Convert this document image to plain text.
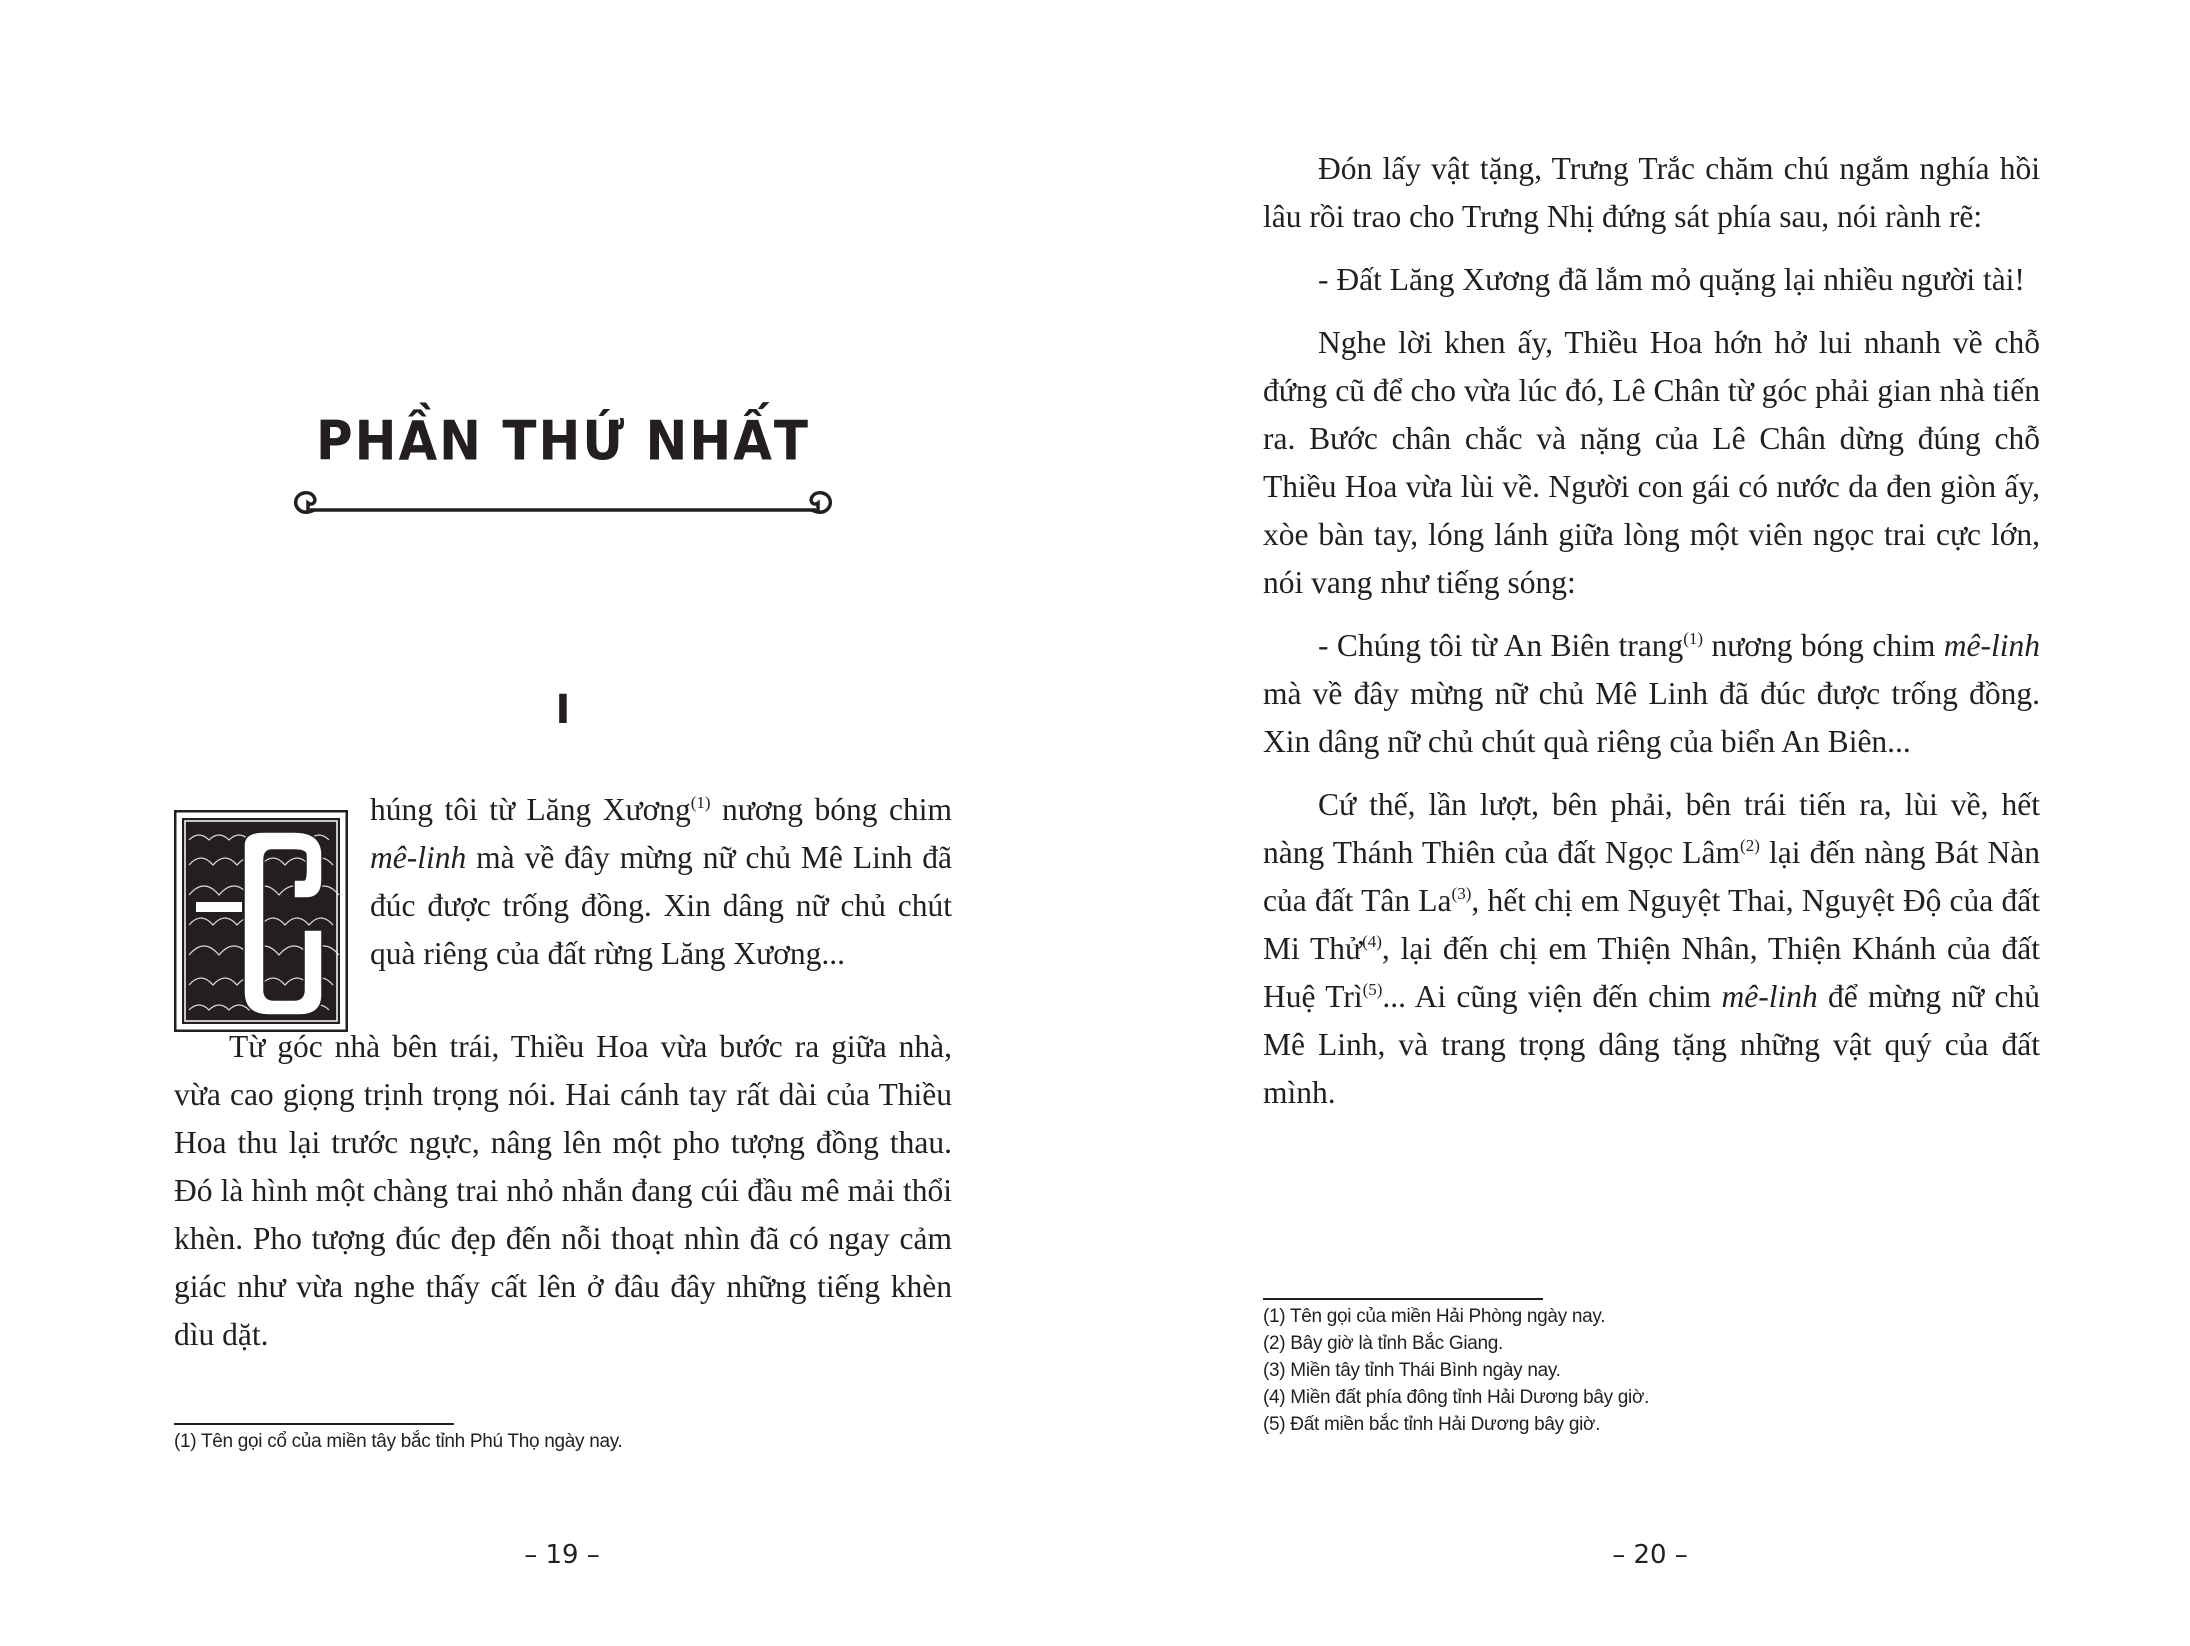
PHẦN THỨ NHẤT
I

húng tôi từ Lăng Xương$^{(1)}$ nương bóng chim mê-linh mà về đây mừng nữ chủ Mê Linh đã đúc được trống đồng. Xin dâng nữ chủ chút quà riêng của đất rừng Lăng Xương...

Từ góc nhà bên trái, Thiều Hoa vừa bước ra giữa nhà, vừa cao giọng trịnh trọng nói. Hai cánh tay rất dài của Thiều Hoa thu lại trước ngực, nâng lên một pho tượng đồng thau. Đó là hình một chàng trai nhỏ nhắn đang cúi đầu mê mải thổi khèn. Pho tượng đúc đẹp đến nỗi thoạt nhìn đã có ngay cảm giác như vừa nghe thấy cất lên ở đâu đây những tiếng khèn dìu dặt.

(1) Tên gọi cổ của miền tây bắc tỉnh Phú Thọ ngày nay.
– 19 –

Đón lấy vật tặng, Trưng Trắc chăm chú ngắm nghía hồi lâu rồi trao cho Trưng Nhị đứng sát phía sau, nói rành rẽ:

- Đất Lăng Xương đã lắm mỏ quặng lại nhiều người tài!

Nghe lời khen ấy, Thiều Hoa hớn hở lui nhanh về chỗ đứng cũ để cho vừa lúc đó, Lê Chân từ góc phải gian nhà tiến ra. Bước chân chắc và nặng của Lê Chân dừng đúng chỗ Thiều Hoa vừa lùi về. Người con gái có nước da đen giòn ấy, xòe bàn tay, lóng lánh giữa lòng một viên ngọc trai cực lớn, nói vang như tiếng sóng:

- Chúng tôi từ An Biên trang$^{(1)}$ nương bóng chim mê-linh mà về đây mừng nữ chủ Mê Linh đã đúc được trống đồng. Xin dâng nữ chủ chút quà riêng của biển An Biên...

Cứ thế, lần lượt, bên phải, bên trái tiến ra, lùi về, hết nàng Thánh Thiên của đất Ngọc Lâm$^{(2)}$ lại đến nàng Bát Nàn của đất Tân La$^{(3)}$, hết chị em Nguyệt Thai, Nguyệt Độ của đất Mi Thử$^{(4)}$, lại đến chị em Thiện Nhân, Thiện Khánh của đất Huệ Trì$^{(5)}$... Ai cũng viện đến chim mê-linh để mừng nữ chủ Mê Linh, và trang trọng dâng tặng những vật quý của đất mình.

(1) Tên gọi của miền Hải Phòng ngày nay.
(2) Bây giờ là tỉnh Bắc Giang.
(3) Miền tây tỉnh Thái Bình ngày nay.
(4) Miền đất phía đông tỉnh Hải Dương bây giờ.
(5) Đất miền bắc tỉnh Hải Dương bây giờ.
– 20 –
